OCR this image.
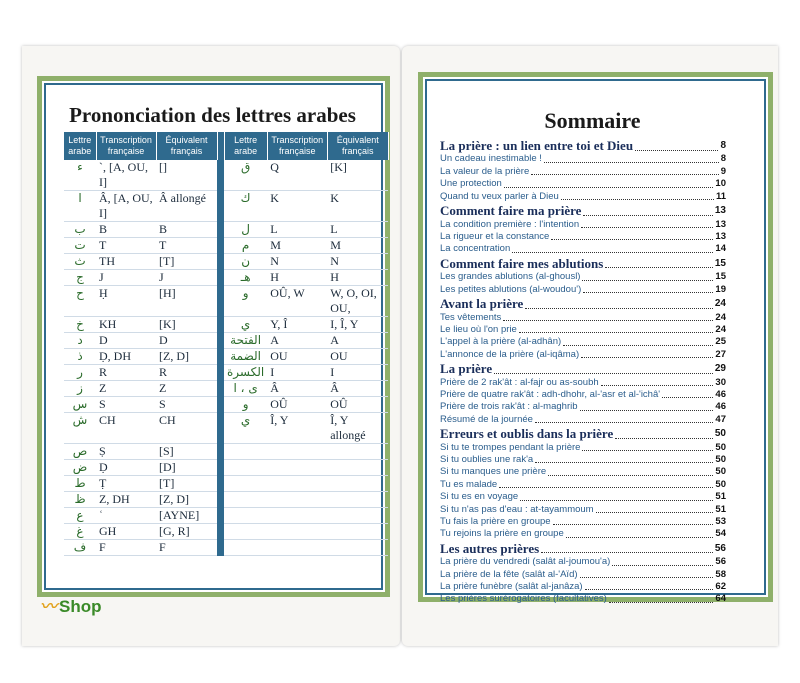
Prononciation des lettres arabes
Lettre arabe	Transcription française	Équivalent français		Lettre arabe	Transcription française	Équivalent français
ء	`, [A, OU, I]	[]		ق	Q	[K]
ا	Â, [A, OU, I]	Â allongé		ك	K	K
ب	B	B		ل	L	L
ت	T	T		م	M	M
ث	TH	[T]		ن	N	N
ج	J	J		هـ	H	H
ح	Ḥ	[H]		و	OÛ, W	W, O, OI, OU,
خ	KH	[K]		ي	Y, Î	I, Î, Y
د	D	D		الفتحة	A	A
ذ	Ḍ, DH	[Z, D]		الضمة	OU	OU
ر	R	R		الكسرة	I	I
ز	Z	Z		ى ، ا	Â	Â
س	S	S		و	OÛ	OÛ
ش	CH	CH		ي	Î, Y	Î, Y allongé
ص	Ṣ	[S]				
ض	Ḍ	[D]				
ط	Ṭ	[T]				
ظ	Z, DH	[Z, D]				
ع	ʿ	[AYNE]				
غ	GH	[G, R]				
ف	F	F				
Sommaire
La prière : un lien entre toi et Dieu	8
Un cadeau inestimable !	8
La valeur de la prière	9
Une protection	10
Quand tu veux parler à Dieu	11
Comment faire ma prière	13
La condition première : l'intention	13
La rigueur et la constance	13
La concentration	14
Comment faire mes ablutions	15
Les grandes ablutions (al-ghousl)	15
Les petites ablutions (al-woudou')	19
Avant la prière	24
Tes vêtements	24
Le lieu où l'on prie	24
L'appel à la prière (al-adhân)	25
L'annonce de la prière (al-iqâma)	27
La prière	29
Prière de 2 rak'ât : al-fajr ou as-soubh	30
Prière de quatre rak'ât : adh-dhohr, al-'asr et al-'ichâ'	46
Prière de trois rak'ât : al-maghrib	46
Résumé de la journée	47
Erreurs et oublis dans la prière	50
Si tu te trompes pendant la prière	50
Si tu oublies une rak'a	50
Si tu manques une prière	50
Tu es malade	50
Si tu es en voyage	51
Si tu n'as pas d'eau : at-tayammoum	51
Tu fais la prière en groupe	53
Tu rejoins la prière en groupe	54
Les autres prières	56
La prière du vendredi (salât al-joumou'a)	56
La prière de la fête (salât al-'Aïd)	58
La prière funèbre (salât al-janâza)	62
Les prières surérogatoires (facultatives)	64
〰 Shop
